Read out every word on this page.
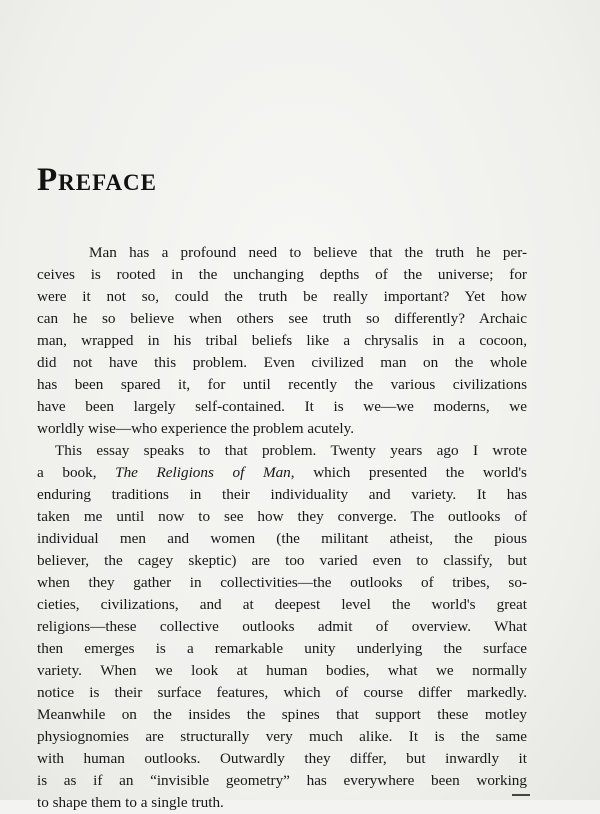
Preface
Man has a profound need to believe that the truth he per-
ceives is rooted in the unchanging depths of the universe; for
were it not so, could the truth be really important? Yet how
can he so believe when others see truth so differently? Archaic
man, wrapped in his tribal beliefs like a chrysalis in a cocoon,
did not have this problem. Even civilized man on the whole
has been spared it, for until recently the various civilizations
have been largely self-contained. It is we—we moderns, we
worldly wise—who experience the problem acutely.
This essay speaks to that problem. Twenty years ago I wrote
a book, The Religions of Man, which presented the world's
enduring traditions in their individuality and variety. It has
taken me until now to see how they converge. The outlooks of
individual men and women (the militant atheist, the pious
believer, the cagey skeptic) are too varied even to classify, but
when they gather in collectivities—the outlooks of tribes, so-
cieties, civilizations, and at deepest level the world's great
religions—these collective outlooks admit of overview. What
then emerges is a remarkable unity underlying the surface
variety. When we look at human bodies, what we normally
notice is their surface features, which of course differ markedly.
Meanwhile on the insides the spines that support these motley
physiognomies are structurally very much alike. It is the same
with human outlooks. Outwardly they differ, but inwardly it
is as if an “invisible geometry” has everywhere been working
to shape them to a single truth.
